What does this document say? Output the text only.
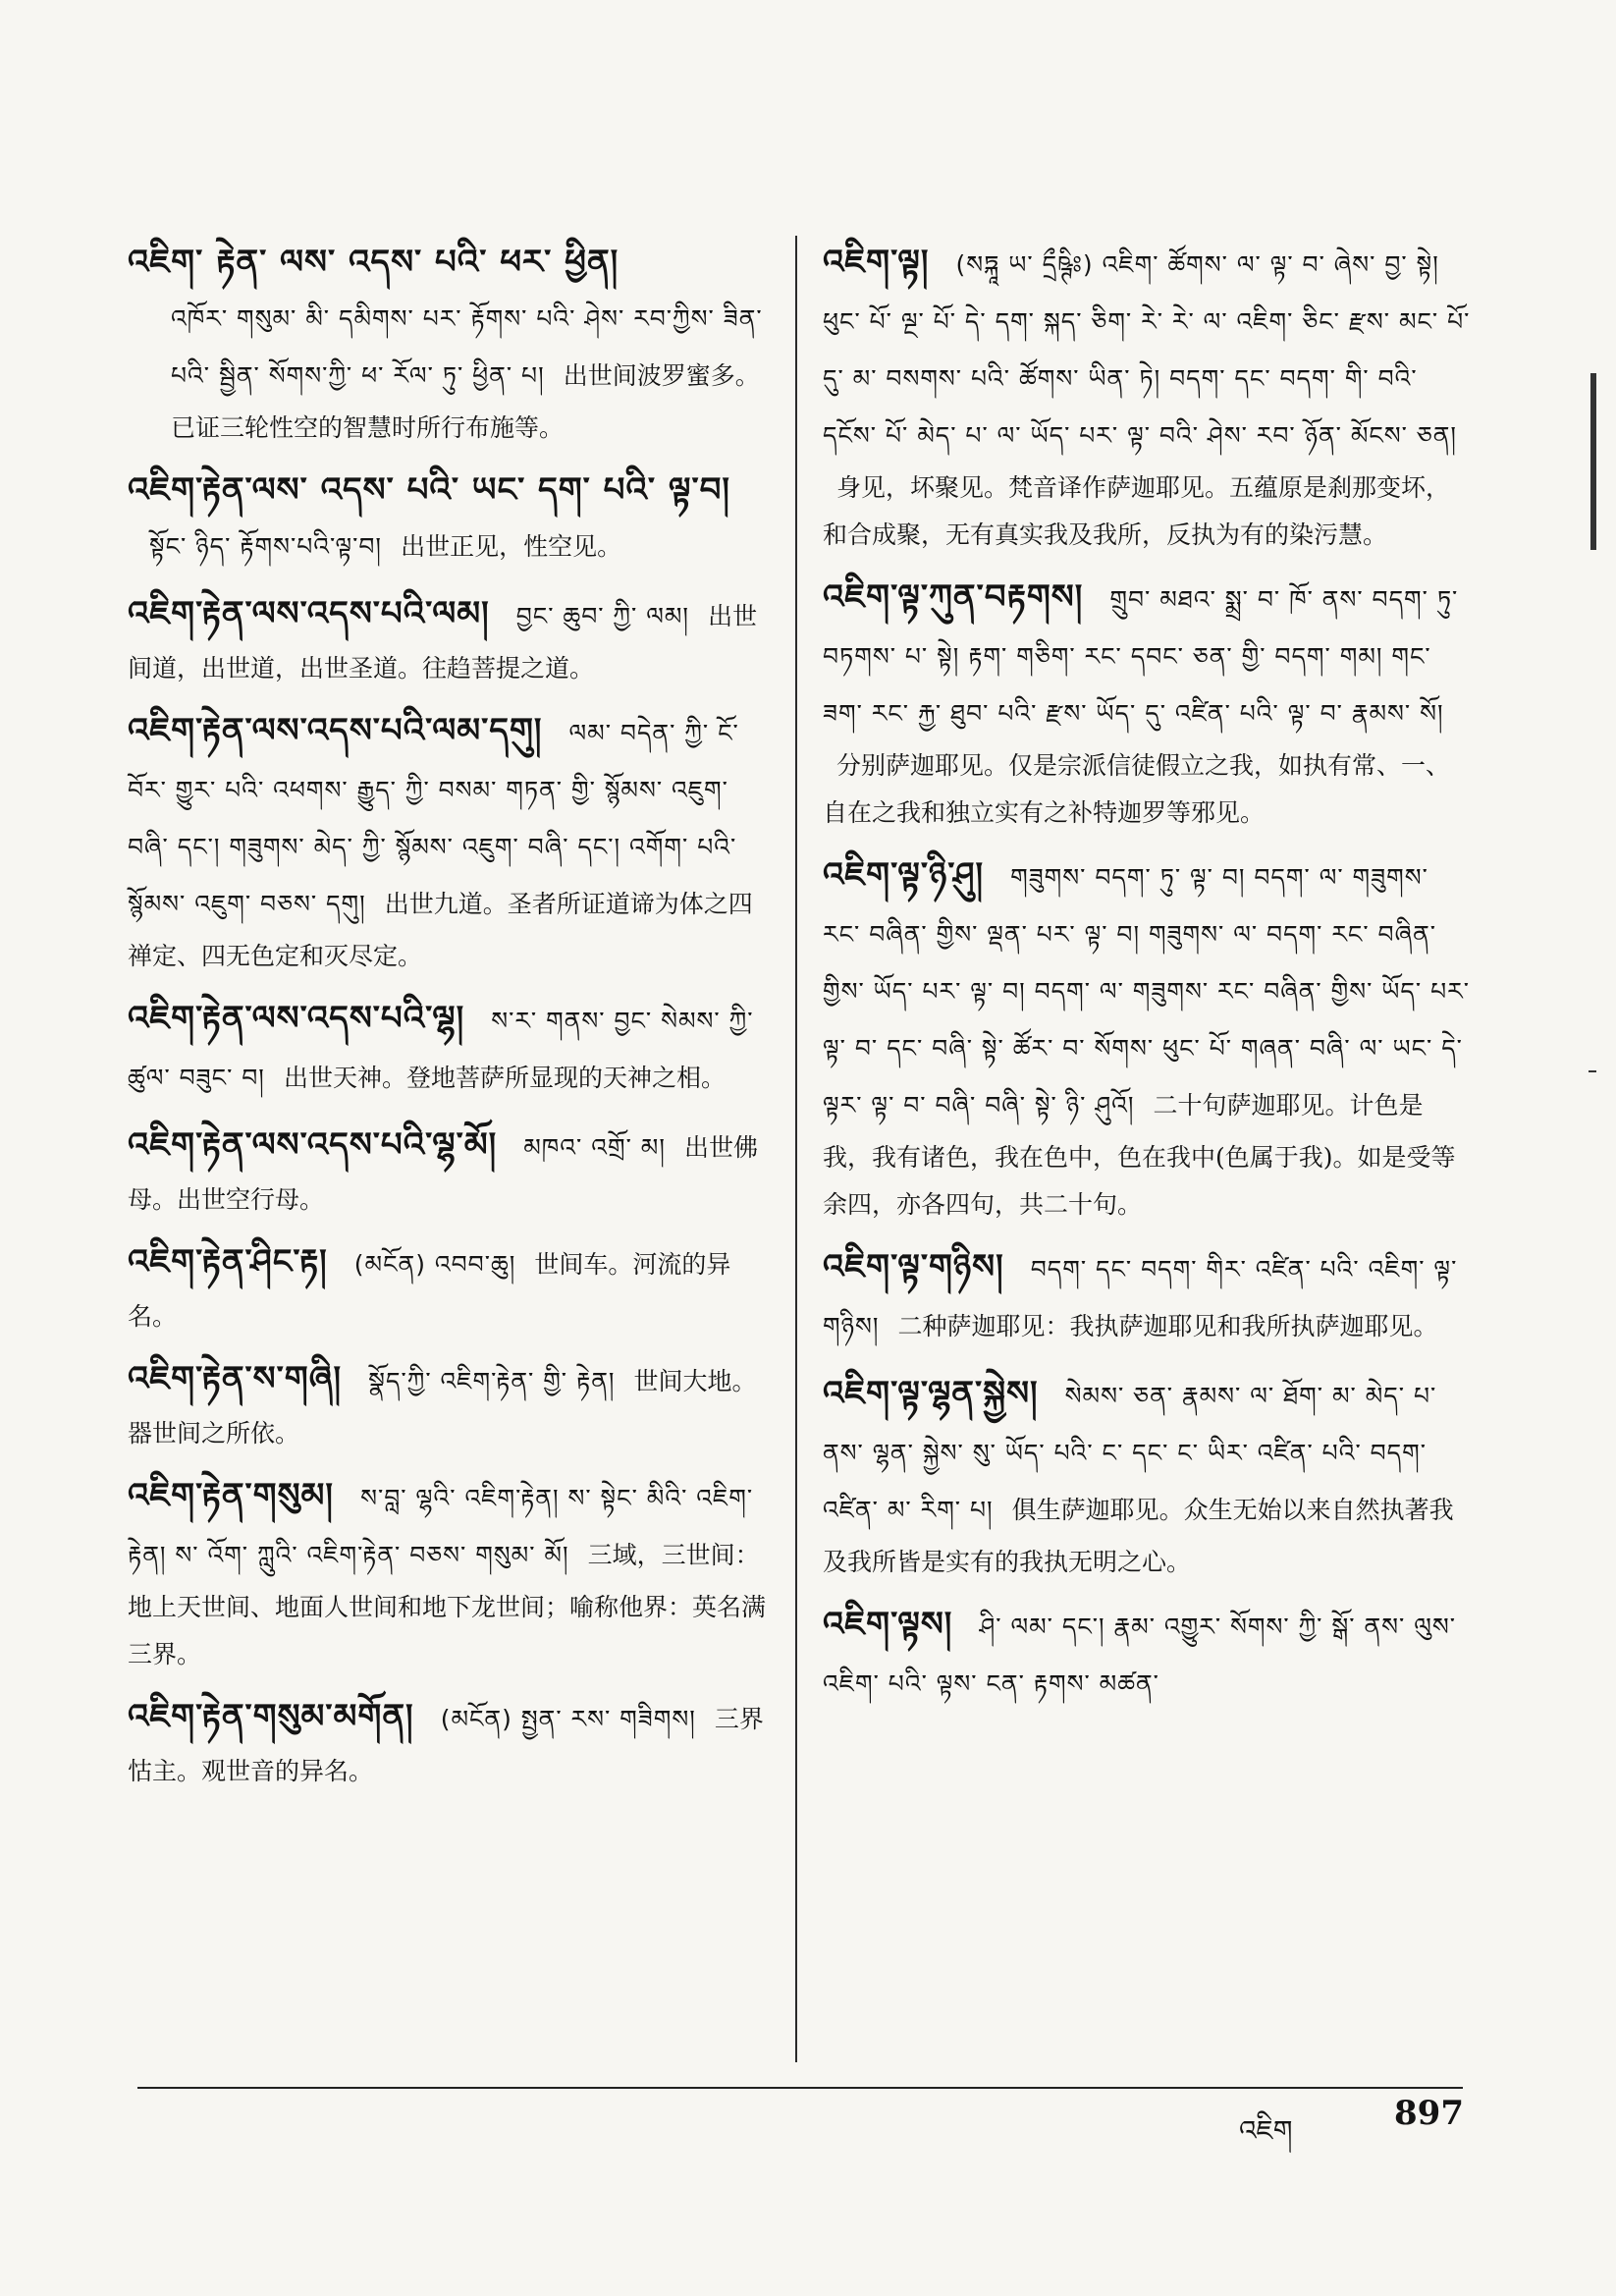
འཇིག་ རྟེན་ ལས་ འདས་ པའི་ ཕར་ ཕྱིན།
འཁོར་ གསུམ་ མི་ དམིགས་ པར་ རྟོགས་ པའི་ ཤེས་ རབ་ཀྱིས་ ཟིན་པའི་ སྦྱིན་ སོགས་ཀྱི་ ཕ་ རོལ་ ཏུ་ ཕྱིན་ པ། 出世间波罗蜜多。已证三轮性空的智慧时所行布施等。
འཇིག་རྟེན་ལས་ འདས་ པའི་ ཡང་ དག་ པའི་ ལྟ་བ། སྟོང་ ཉིད་ རྟོགས་པའི་ལྟ་བ། 出世正见，性空见。
འཇིག་རྟེན་ལས་འདས་པའི་ལམ། བྱང་ ཆུབ་ ཀྱི་ ལམ། 出世间道，出世道，出世圣道。往趋菩提之道。
འཇིག་རྟེན་ལས་འདས་པའི་ལམ་དགུ། ལམ་ བདེན་ ཀྱི་ ངོ་ བོར་ གྱུར་ པའི་ འཕགས་ རྒྱུད་ ཀྱི་ བསམ་ གཏན་ གྱི་ སྙོམས་ འཇུག་ བཞི་ དང་། གཟུགས་ མེད་ ཀྱི་ སྙོམས་ འཇུག་ བཞི་ དང་། འགོག་ པའི་ སྙོམས་ འཇུག་ བཅས་ དགུ། 出世九道。圣者所证道谛为体之四禅定、四无色定和灭尽定。
འཇིག་རྟེན་ལས་འདས་པའི་ལྷ། ས་ར་ གནས་ བྱང་ སེམས་ ཀྱི་ ཚུལ་ བཟུང་ བ། 出世天神。登地菩萨所显现的天神之相。
འཇིག་རྟེན་ལས་འདས་པའི་ལྷ་མོ། མཁའ་ འགྲོ་ མ། 出世佛母。出世空行母。
འཇིག་རྟེན་ཤིང་རྟ། (མངོན) འབབ་ཆུ། 世间车。河流的异名。
འཇིག་རྟེན་ས་གཞི། སྣོད་ཀྱི་ འཇིག་རྟེན་ གྱི་ རྟེན། 世间大地。器世间之所依。
འཇིག་རྟེན་གསུམ། ས་བླ་ ལྷའི་ འཇིག་རྟེན། ས་ སྟེང་ མིའི་ འཇིག་རྟེན། ས་ འོག་ ཀླུའི་ འཇིག་རྟེན་ བཅས་ གསུམ་ མོ། 三域，三世间：地上天世间、地面人世间和地下龙世间；喻称他界：英名满三界。
འཇིག་རྟེན་གསུམ་མགོན། (མངོན) སྤྱན་ རས་ གཟིགས། 三界怙主。观世音的异名。
འཇིག་ལྟ། (སཏྐཱ ཡ་ དྲྀཥྚིཿ) འཇིག་ ཚོགས་ ལ་ ལྟ་ བ་ ཞེས་ བྱ་ སྟེ། ཕུང་ པོ་ ལྔ་ པོ་ དེ་ དག་ སྐད་ ཅིག་ རེ་ རེ་ ལ་ འཇིག་ ཅིང་ རྫས་ མང་ པོ་ དུ་ མ་ བསགས་ པའི་ ཚོགས་ ཡིན་ ཏེ། བདག་ དང་ བདག་ གི་ བའི་ དངོས་ པོ་ མེད་ པ་ ལ་ ཡོད་ པར་ ལྟ་ བའི་ ཤེས་ རབ་ ཉོན་ མོངས་ ཅན། 身见，坏聚见。梵音译作萨迦耶见。五蕴原是刹那变坏，和合成聚，无有真实我及我所，反执为有的染污慧。
འཇིག་ལྟ་ཀུན་བརྟགས། གྲུབ་ མཐའ་ སྨྲ་ བ་ ཁོ་ ནས་ བདག་ ཏུ་ བཏགས་ པ་ སྟེ། རྟག་ གཅིག་ རང་ དབང་ ཅན་ གྱི་ བདག་ གམ། གང་ ཟག་ རང་ རྐྱ་ ཐུབ་ པའི་ རྫས་ ཡོད་ དུ་ འཛིན་ པའི་ ལྟ་ བ་ རྣམས་ སོ། 分别萨迦耶见。仅是宗派信徒假立之我，如执有常、一、自在之我和独立实有之补特迦罗等邪见。
འཇིག་ལྟ་ཉི་ཤུ། གཟུགས་ བདག་ ཏུ་ ལྟ་ བ། བདག་ ལ་ གཟུགས་ རང་ བཞིན་ གྱིས་ ལྡན་ པར་ ལྟ་ བ། གཟུགས་ ལ་ བདག་ རང་ བཞིན་ གྱིས་ ཡོད་ པར་ ལྟ་ བ། བདག་ ལ་ གཟུགས་ རང་ བཞིན་ གྱིས་ ཡོད་ པར་ ལྟ་ བ་ དང་ བཞི་ སྟེ་ ཚོར་ བ་ སོགས་ ཕུང་ པོ་ གཞན་ བཞི་ ལ་ ཡང་ དེ་ ལྟར་ ལྟ་ བ་ བཞི་ བཞི་ སྟེ་ ཉི་ ཤུའོ། 二十句萨迦耶见。计色是我，我有诸色，我在色中，色在我中(色属于我)。如是受等余四，亦各四句，共二十句。
འཇིག་ལྟ་གཉིས། བདག་ དང་ བདག་ གིར་ འཛིན་ པའི་ འཇིག་ ལྟ་ གཉིས། 二种萨迦耶见：我执萨迦耶见和我所执萨迦耶见。
འཇིག་ལྟ་ལྷན་སྐྱེས། སེམས་ ཅན་ རྣམས་ ལ་ ཐོག་ མ་ མེད་ པ་ ནས་ ལྷན་ སྐྱེས་ སུ་ ཡོད་ པའི་ ང་ དང་ ང་ ཡིར་ འཛིན་ པའི་ བདག་ འཛིན་ མ་ རིག་ པ། 俱生萨迦耶见。众生无始以来自然执著我及我所皆是实有的我执无明之心。
འཇིག་ལྟས། ཤི་ ལམ་ དང་། རྣམ་ འགྱུར་ སོགས་ ཀྱི་ སྒོ་ ནས་ ལུས་ འཇིག་ པའི་ ལྟས་ ངན་ རྟགས་ མཚན་
འཇིག	897
